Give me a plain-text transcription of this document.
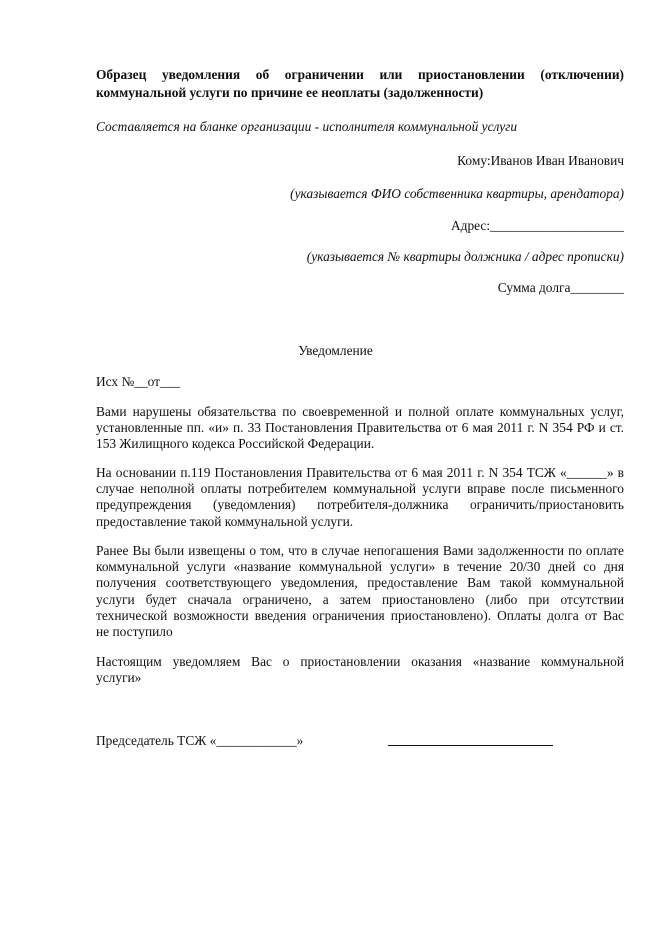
Образец уведомления об ограничении или приостановлении (отключении)
коммунальной услуги по причине ее неоплаты (задолженности)
Составляется на бланке организации - исполнителя коммунальной услуги
Кому:Иванов Иван Иванович
(указывается ФИО собственника квартиры, арендатора)
Адрес:____________________
(указывается № квартиры должника / адрес прописки)
Сумма долга________
Уведомление
Исх №__от___
Вами нарушены обязательства по своевременной и полной оплате коммунальных услуг,
установленные пп. «и» п. 33 Постановления Правительства от 6 мая 2011 г. N 354 РФ и ст.
153 Жилищного кодекса Российской Федерации.
На основании п.119 Постановления Правительства от 6 мая 2011 г. N 354 ТСЖ «______» в
случае неполной оплаты потребителем коммунальной услуги вправе после письменного
предупреждения (уведомления) потребителя-должника ограничить/приостановить
предоставление такой коммунальной услуги.
Ранее Вы были извещены о том, что в случае непогашения Вами задолженности по оплате
коммунальной услуги «название коммунальной услуги» в течение 20/30 дней со дня
получения соответствующего уведомления, предоставление Вам такой коммунальной
услуги будет сначала ограничено, а затем приостановлено (либо при отсутствии
технической возможности введения ограничения приостановлено). Оплаты долга от Вас
не поступило
Настоящим уведомляем Вас о приостановлении оказания «название коммунальной
услуги»
Председатель ТСЖ «____________»
